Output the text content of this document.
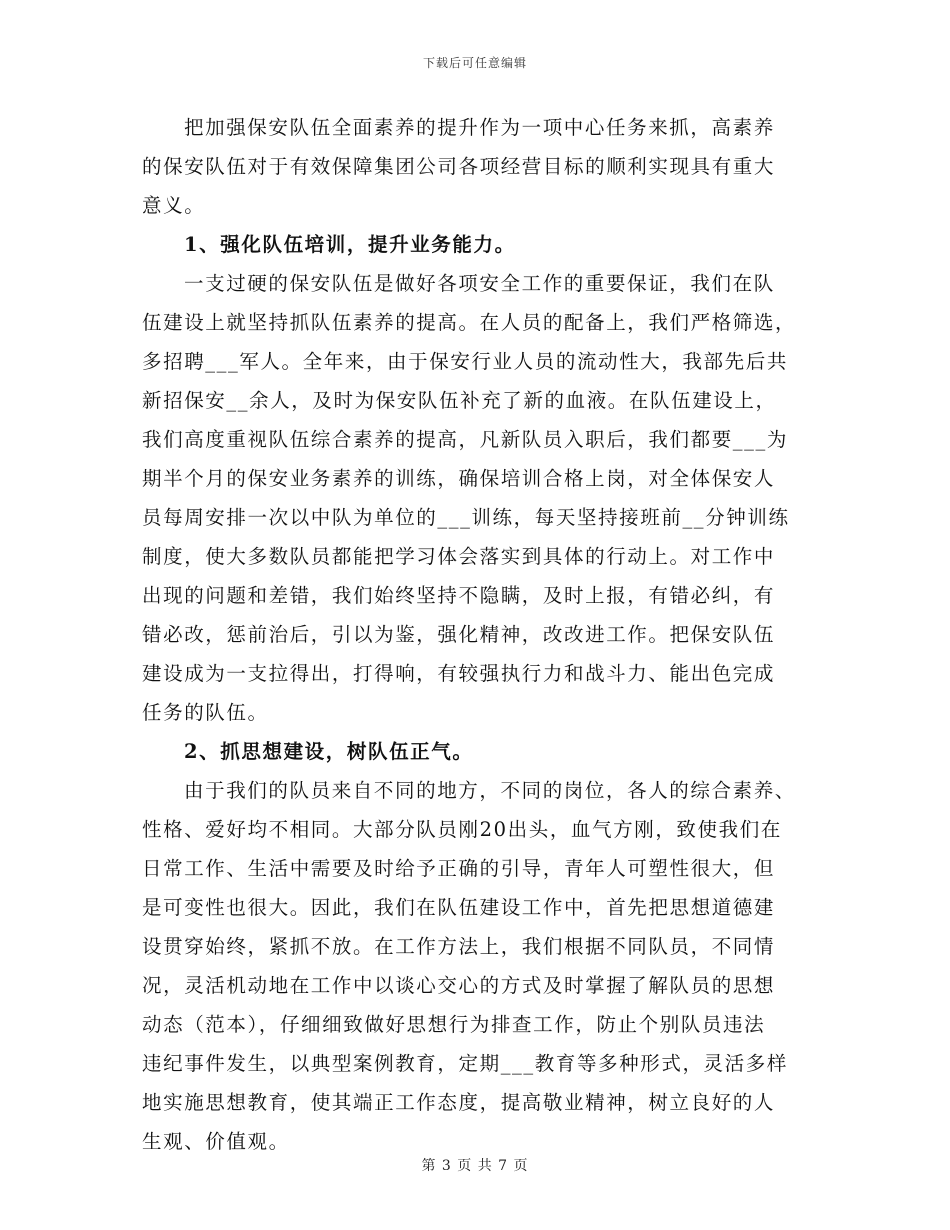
下载后可任意编辑
把加强保安队伍全面素养的提升作为一项中心任务来抓，高素养
的保安队伍对于有效保障集团公司各项经营目标的顺利实现具有重大
意义。
1、强化队伍培训，提升业务能力。
一支过硬的保安队伍是做好各项安全工作的重要保证，我们在队
伍建设上就坚持抓队伍素养的提高。在人员的配备上，我们严格筛选，
多招聘___军人。全年来，由于保安行业人员的流动性大，我部先后共
新招保安__余人，及时为保安队伍补充了新的血液。在队伍建设上，
我们高度重视队伍综合素养的提高，凡新队员入职后，我们都要___为
期半个月的保安业务素养的训练，确保培训合格上岗，对全体保安人
员每周安排一次以中队为单位的___训练，每天坚持接班前__分钟训练
制度，使大多数队员都能把学习体会落实到具体的行动上。对工作中
出现的问题和差错，我们始终坚持不隐瞒，及时上报，有错必纠，有
错必改，惩前治后，引以为鉴，强化精神，改改进工作。把保安队伍
建设成为一支拉得出，打得响，有较强执行力和战斗力、能出色完成
任务的队伍。
2、抓思想建设，树队伍正气。
由于我们的队员来自不同的地方，不同的岗位，各人的综合素养、
性格、爱好均不相同。大部分队员刚20出头，血气方刚，致使我们在
日常工作、生活中需要及时给予正确的引导，青年人可塑性很大，但
是可变性也很大。因此，我们在队伍建设工作中，首先把思想道德建
设贯穿始终，紧抓不放。在工作方法上，我们根据不同队员，不同情
况，灵活机动地在工作中以谈心交心的方式及时掌握了解队员的思想
动态（范本），仔细细致做好思想行为排查工作，防止个别队员违法
违纪事件发生，以典型案例教育，定期___教育等多种形式，灵活多样
地实施思想教育，使其端正工作态度，提高敬业精神，树立良好的人
生观、价值观。
第 3 页 共 7 页
